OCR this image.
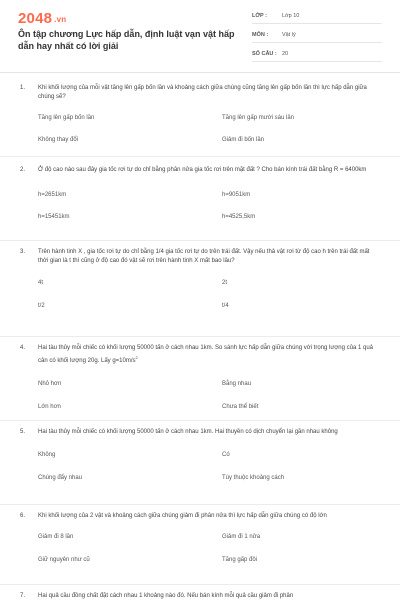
2048 .vn
Ôn tập chương Lực hấp dẫn, định luật vạn vật hấp dẫn hay nhất có lời giải
LỚP :	Lớp 10
MÔN :	Vật lý
SỐ CÂU : 20
1.	Khi khối lượng của mỗi vật tăng lên gấp bốn lần và khoảng cách giữa chúng cũng tăng lên gấp bốn lần thì lực hấp dẫn giữa chúng sẽ?
Tăng lên gấp bốn lần	Tăng lên gấp mười sáu lần
Không thay đổi	Giảm đi bốn lần
2.	Ở độ cao nào sau đây gia tốc rơi tự do chỉ bằng phân nửa gia tốc rơi trên mặt đất ? Cho bán kính trái đất bằng R = 6400km
h=2651km	h=9051km
h=15451km	h=4525,5km
3.	Trên hành tinh X , gia tốc rơi tự do chỉ bằng 1/4 gia tốc rơi tự do trên trái đất. Vậy nếu thả vật rơi từ độ cao h trên trái đất mất thời gian là t thì cũng ở độ cao đó vật sẽ rơi trên hành tinh X mất bao lâu?
4t	2t
t/2	t/4
4.	Hai tàu thủy mỗi chiếc có khối lượng 50000 tấn ở cách nhau 1km. So sánh lực hấp dẫn giữa chúng với trọng lượng của 1 quả cân có khối lượng 20g. Lấy $g=10m/s^2$
Nhỏ hơn	Bằng nhau
Lớn hơn	Chưa thể biết
5.	Hai tàu thủy mỗi chiếc có khối lượng 50000 tấn ở cách nhau 1km. Hai thuyền có dịch chuyển lại gần nhau không
Không	Có
Chúng đẩy nhau	Tùy thuộc khoảng cách
6.	Khi khối lượng của 2 vật và khoảng cách giữa chúng giảm đi phân nửa thì lực hấp dẫn giữa chúng có độ lớn
Giảm đi 8 lần	Giảm đi 1 nửa
Giữ nguyên như cũ	Tăng gấp đôi
7.	Hai quả cầu đồng chất đặt cách nhau 1 khoảng nào đó. Nếu bán kính mỗi quả cầu giảm đi phân
